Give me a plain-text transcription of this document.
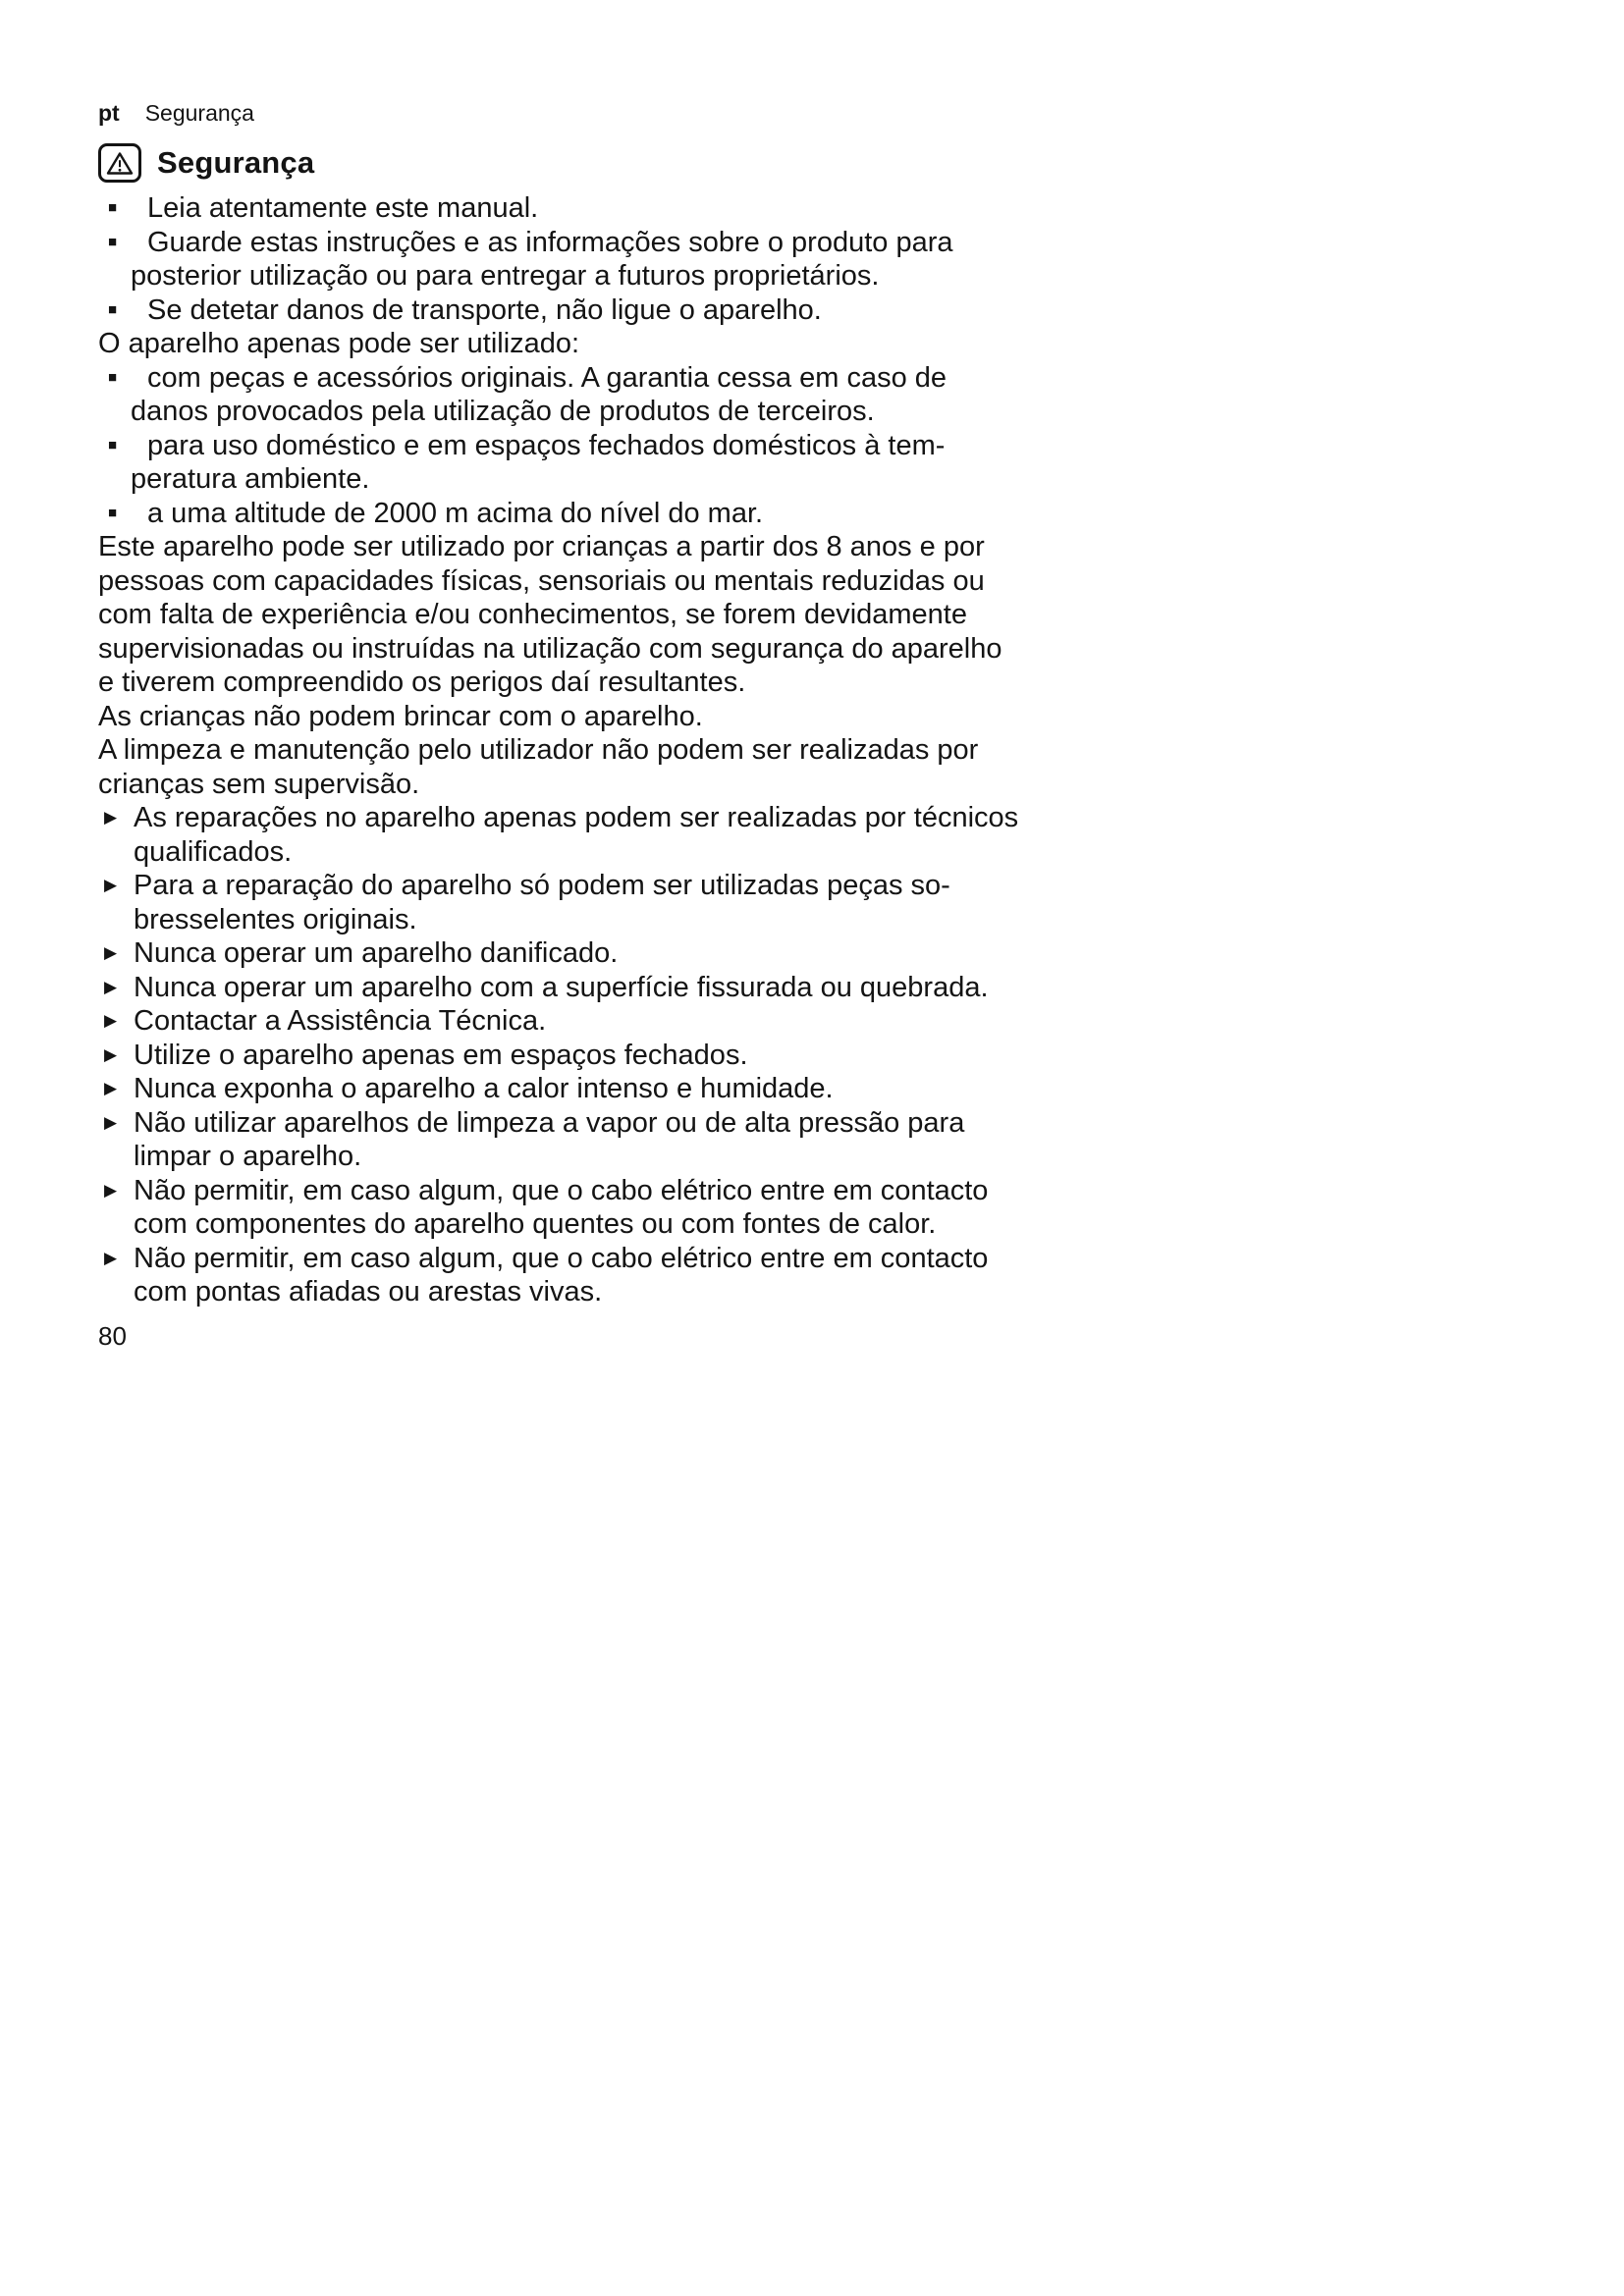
pt Segurança
Segurança
■ Leia atentamente este manual.
■ Guarde estas instruções e as informações sobre o produto para posterior utilização ou para entregar a futuros proprietários.
■ Se detetar danos de transporte, não ligue o aparelho.
O aparelho apenas pode ser utilizado:
■ com peças e acessórios originais. A garantia cessa em caso de danos provocados pela utilização de produtos de terceiros.
■ para uso doméstico e em espaços fechados domésticos à temperatura ambiente.
■ a uma altitude de 2000 m acima do nível do mar.
Este aparelho pode ser utilizado por crianças a partir dos 8 anos e por pessoas com capacidades físicas, sensoriais ou mentais reduzidas ou com falta de experiência e/ou conhecimentos, se forem devidamente supervisionadas ou instruídas na utilização com segurança do aparelho e tiverem compreendido os perigos daí resultantes.
As crianças não podem brincar com o aparelho.
A limpeza e manutenção pelo utilizador não podem ser realizadas por crianças sem supervisão.
▶ As reparações no aparelho apenas podem ser realizadas por técnicos qualificados.
▶ Para a reparação do aparelho só podem ser utilizadas peças sobresselentes originais.
▶ Nunca operar um aparelho danificado.
▶ Nunca operar um aparelho com a superfície fissurada ou quebrada.
▶ Contactar a Assistência Técnica.
▶ Utilize o aparelho apenas em espaços fechados.
▶ Nunca exponha o aparelho a calor intenso e humidade.
▶ Não utilizar aparelhos de limpeza a vapor ou de alta pressão para limpar o aparelho.
▶ Não permitir, em caso algum, que o cabo elétrico entre em contacto com componentes do aparelho quentes ou com fontes de calor.
▶ Não permitir, em caso algum, que o cabo elétrico entre em contacto com pontas afiadas ou arestas vivas.
80
